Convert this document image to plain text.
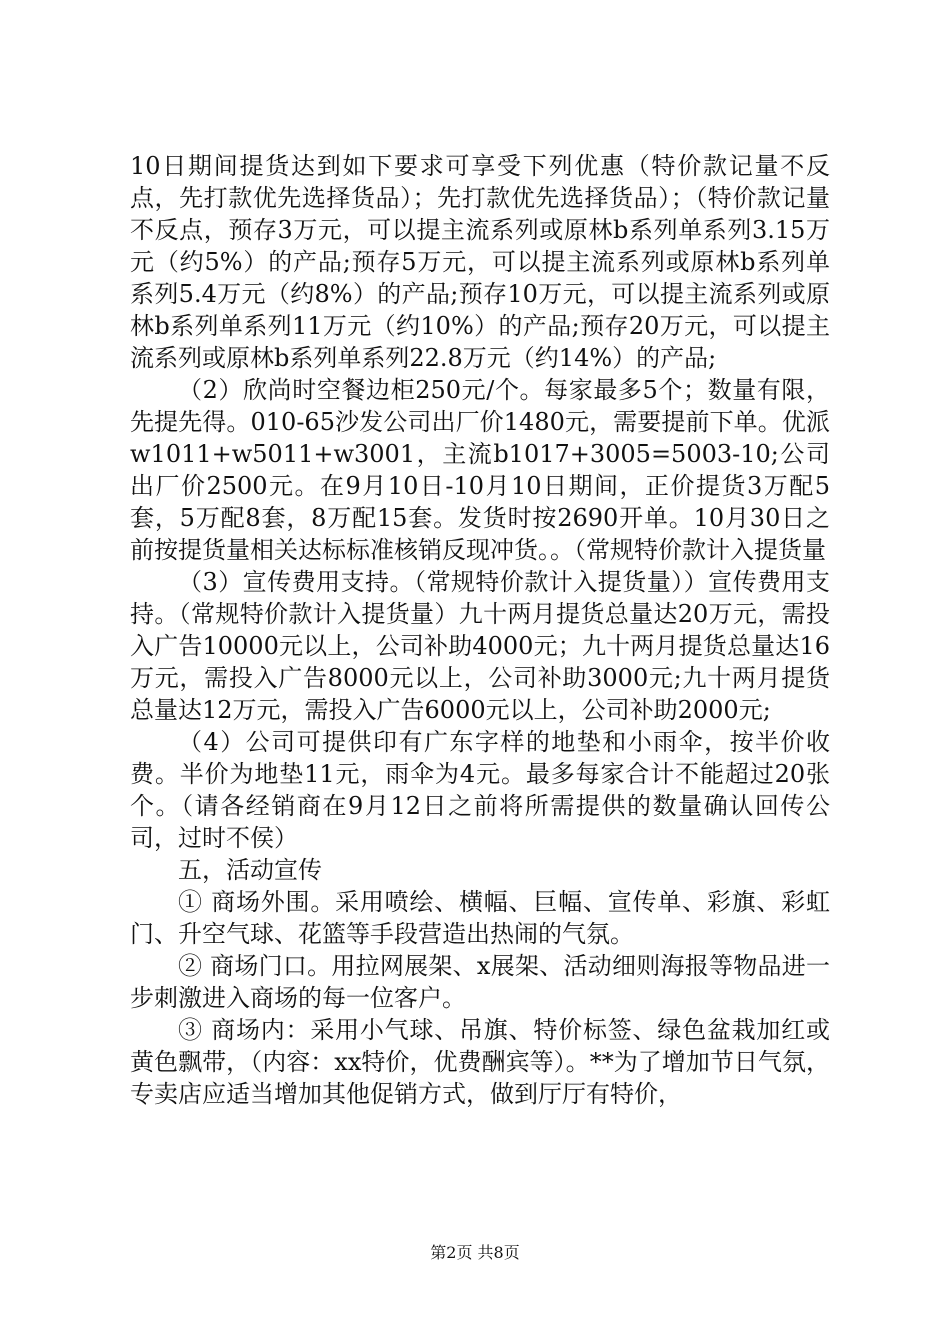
10日期间提货达到如下要求可享受下列优惠（特价款记量不反点，先打款优先选择货品）；先打款优先选择货品）；（特价款记量不反点，预存3万元，可以提主流系列或原林b系列单系列3.15万元（约5%）的产品;预存5万元，可以提主流系列或原林b系列单系列5.4万元（约8%）的产品;预存10万元，可以提主流系列或原林b系列单系列11万元（约10%）的产品;预存20万元，可以提主流系列或原林b系列单系列22.8万元（约14%）的产品;

（2）欣尚时空餐边柜250元/个。每家最多5个；数量有限，先提先得。010-65沙发公司出厂价1480元，需要提前下单。优派w1011+w5011+w3001，主流b1017+3005=5003-10;公司出厂价2500元。在9月10日-10月10日期间，正价提货3万配5套，5万配8套，8万配15套。发货时按2690开单。10月30日之前按提货量相关达标标准核销反现冲货。。（常规特价款计入提货量

（3）宣传费用支持。（常规特价款计入提货量））宣传费用支持。（常规特价款计入提货量）九十两月提货总量达20万元，需投入广告10000元以上，公司补助4000元；九十两月提货总量达16万元，需投入广告8000元以上，公司补助3000元;九十两月提货总量达12万元，需投入广告6000元以上，公司补助2000元;

（4）公司可提供印有广东字样的地垫和小雨伞，按半价收费。半价为地垫11元，雨伞为4元。最多每家合计不能超过20张个。（请各经销商在9月12日之前将所需提供的数量确认回传公司，过时不侯）

五，活动宣传

① 商场外围。采用喷绘、横幅、巨幅、宣传单、彩旗、彩虹门、升空气球、花篮等手段营造出热闹的气氛。

② 商场门口。用拉网展架、x展架、活动细则海报等物品进一步刺激进入商场的每一位客户。

③ 商场内：采用小气球、吊旗、特价标签、绿色盆栽加红或黄色飘带，（内容：xx特价，优费酬宾等）。**为了增加节日气氛，专卖店应适当增加其他促销方式，做到厅厅有特价，

第2页 共8页
